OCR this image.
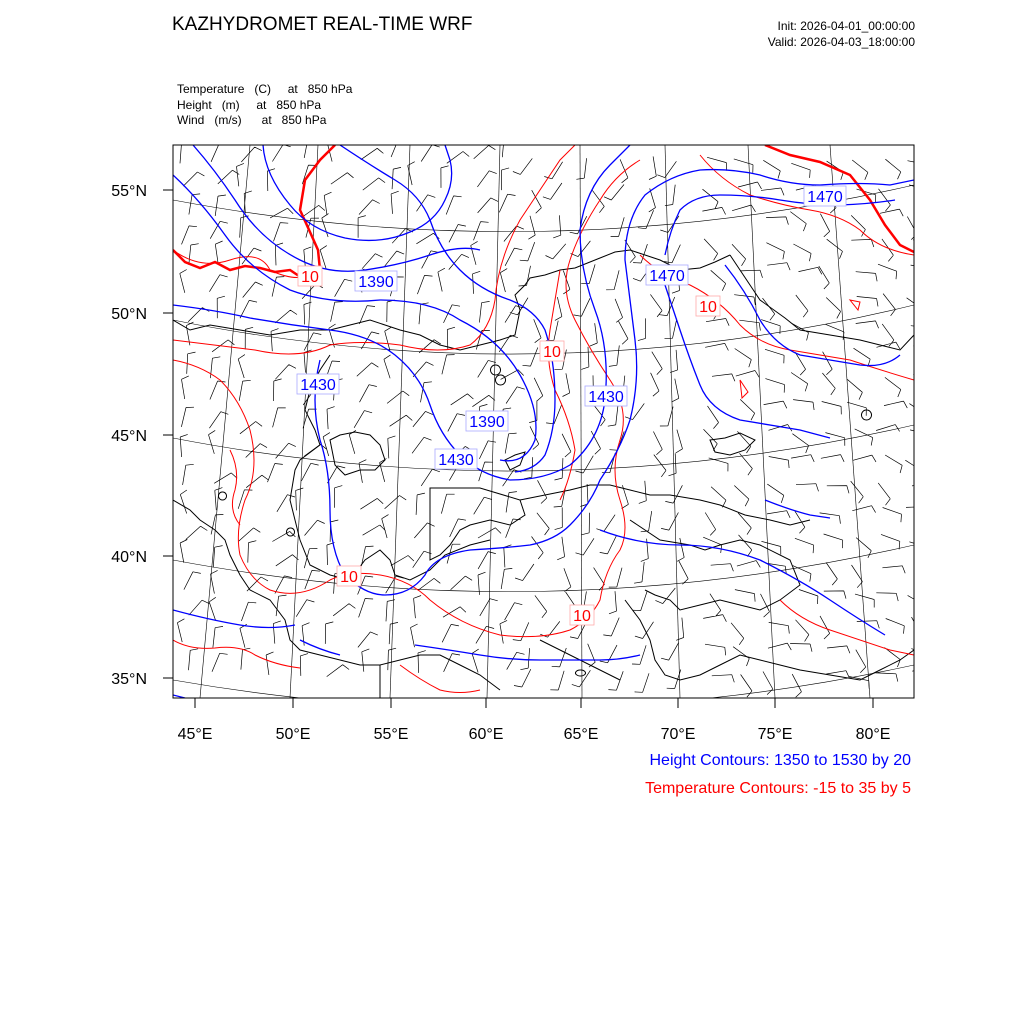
KAZHYDROMET REAL-TIME WRF	Init: 2026-04-01_00:00:00
Valid: 2026-04-03_18:00:00
Temperature   (C)     at   850 hPa
Height   (m)     at   850 hPa
Wind   (m/s)      at   850 hPa
55°N
50°N
45°N
40°N
35°N
45°E	50°E	55°E	60°E	65°E	70°E	75°E	80°E
1390
1430
1390
1430
1430
1470
1470
10
10
10
10
10
Height Contours: 1350 to 1530 by 20
Temperature Contours: -15 to 35 by 5
